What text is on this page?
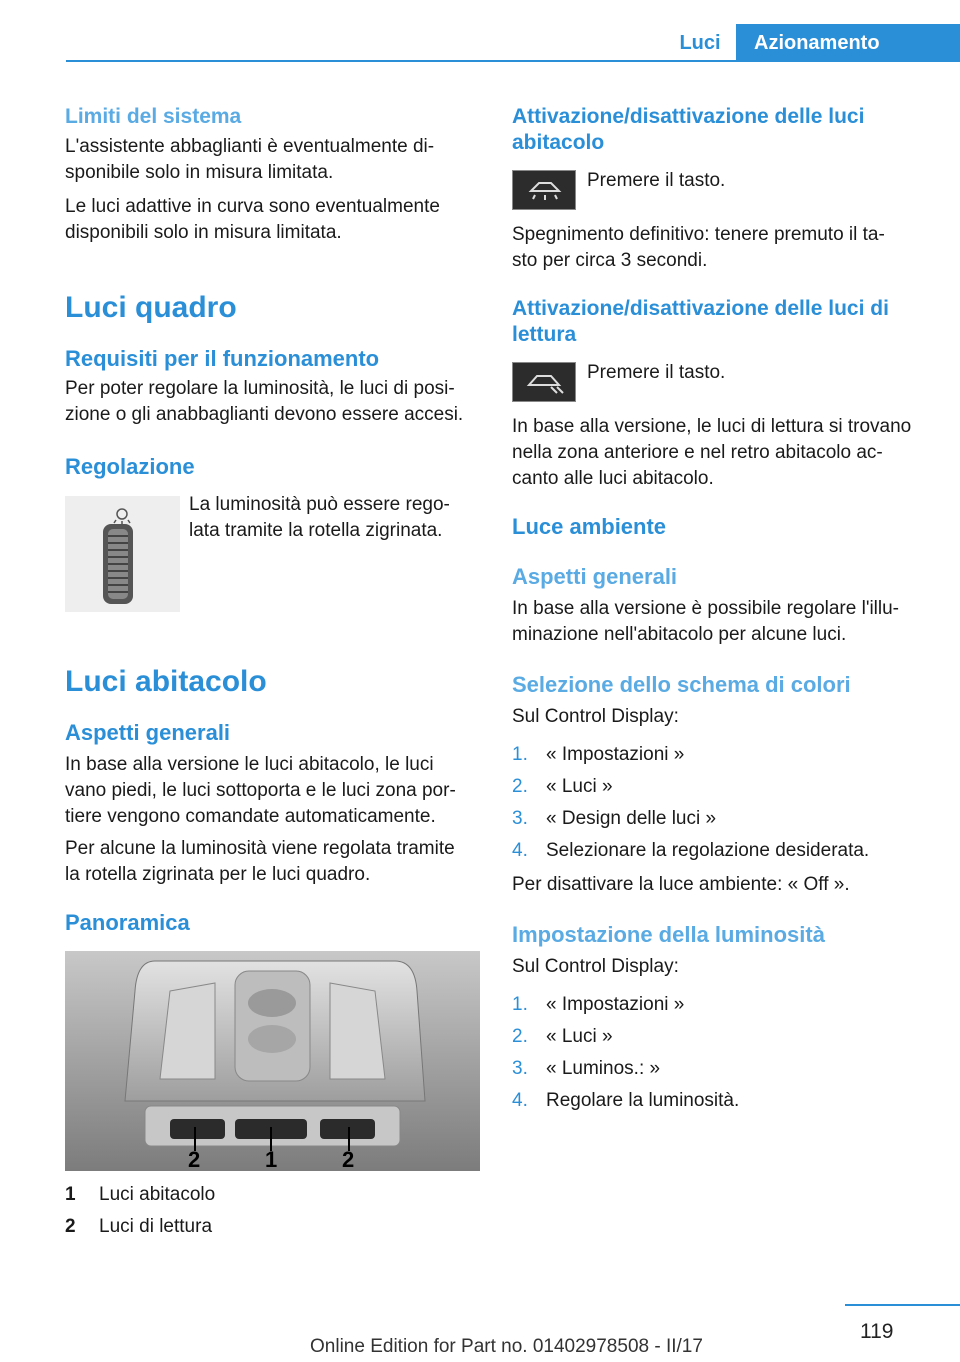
Luci	Azionamento
Limiti del sistema

L'assistente abbaglianti è eventualmente di‐

sponibile solo in misura limitata.

Le luci adattive in curva sono eventualmente

disponibili solo in misura limitata.

Luci quadro
Requisiti per il funzionamento

Per poter regolare la luminosità, le luci di posi‐

zione o gli anabbaglianti devono essere accesi.

Regolazione

La luminosità può essere rego‐

lata tramite la rotella zigrinata.

Luci abitacolo
Aspetti generali

In base alla versione le luci abitacolo, le luci

vano piedi, le luci sottoporta e le luci zona por‐

tiere vengono comandate automaticamente.

Per alcune la luminosità viene regolata tramite

la rotella zigrinata per le luci quadro.

Panoramica
2	1	2
1 Luci abitacolo
2 Luci di lettura
Attivazione/disattivazione delle luci
abitacolo

Premere il tasto.

Spegnimento definitivo: tenere premuto il ta‐

sto per circa 3 secondi.

Attivazione/disattivazione delle luci di
lettura

Premere il tasto.

In base alla versione, le luci di lettura si trovano

nella zona anteriore e nel retro abitacolo ac‐

canto alle luci abitacolo.

Luce ambiente
Aspetti generali

In base alla versione è possibile regolare l'illu‐

minazione nell'abitacolo per alcune luci.

Selezione dello schema di colori

Sul Control Display:

1. « Impostazioni »
2. « Luci »
3. « Design delle luci »
4. Selezionare la regolazione desiderata.

Per disattivare la luce ambiente: « Off ».

Impostazione della luminosità

Sul Control Display:

1. « Impostazioni »
2. « Luci »
3. « Luminos.: »
4. Regolare la luminosità.
119
Online Edition for Part no. 01402978508 - II/17
